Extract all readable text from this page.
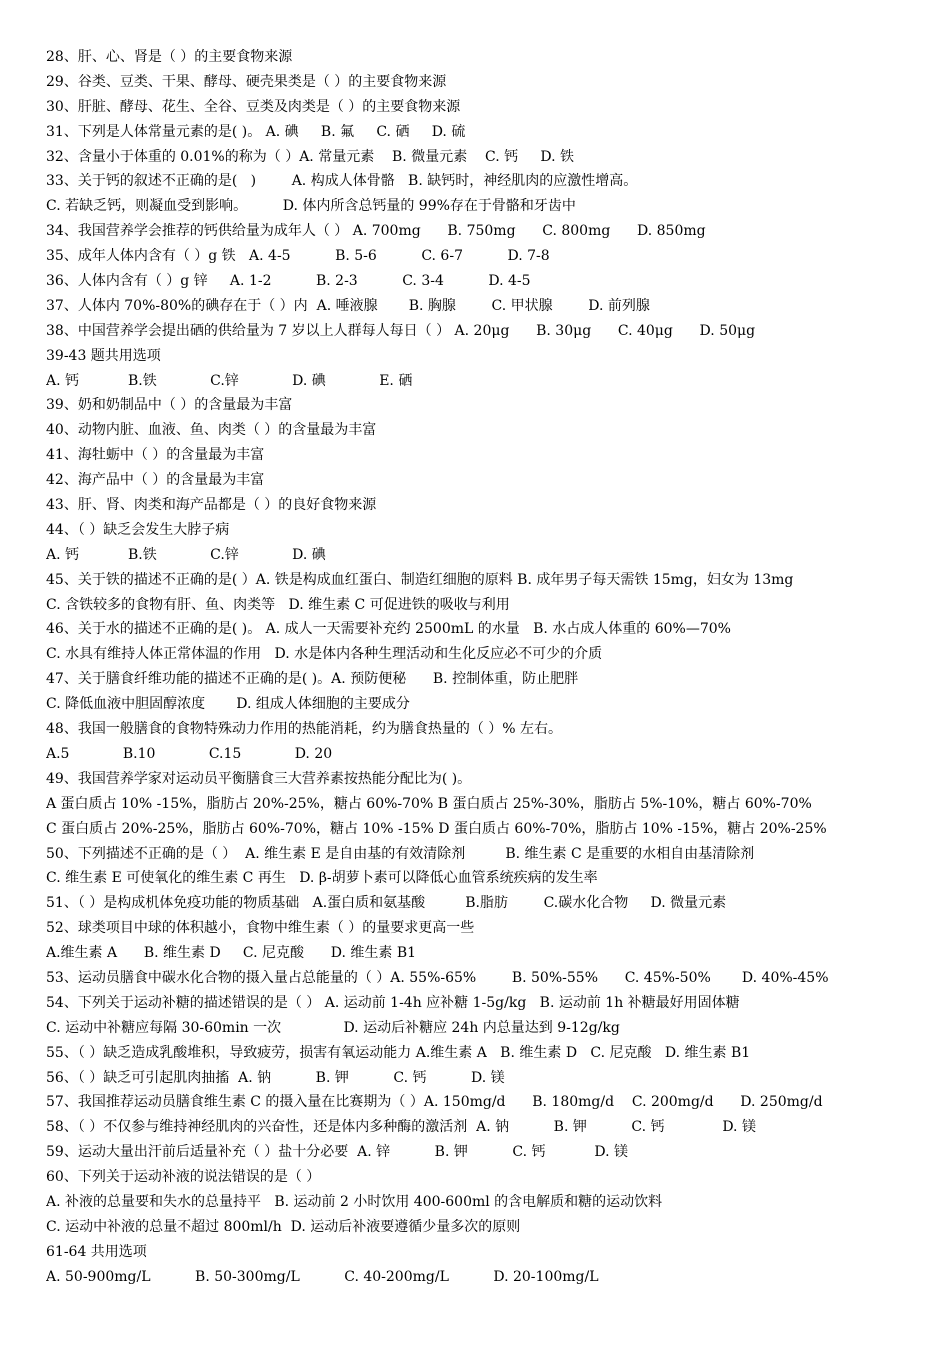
28、肝、心、肾是（ ）的主要食物来源
29、谷类、豆类、干果、酵母、硬壳果类是（ ）的主要食物来源
30、肝脏、酵母、花生、全谷、豆类及肉类是（ ）的主要食物来源
31、下列是人体常量元素的是( )。 A. 碘     B. 氟     C. 硒     D. 硫
32、含量小于体重的 0.01%的称为（ ）A. 常量元素    B. 微量元素    C. 钙     D. 铁
33、关于钙的叙述不正确的是(   )        A. 构成人体骨骼   B. 缺钙时，神经肌肉的应激性增高。
C. 若缺乏钙，则凝血受到影响。        D. 体内所含总钙量的 99%存在于骨骼和牙齿中
34、我国营养学会推荐的钙供给量为成年人（ ） A. 700mg      B. 750mg      C. 800mg      D. 850mg
35、成年人体内含有（ ）g 铁   A. 4-5          B. 5-6          C. 6-7          D. 7-8
36、人体内含有（ ）g 锌     A. 1-2          B. 2-3          C. 3-4          D. 4-5
37、人体内 70%-80%的碘存在于（ ）内  A. 唾液腺       B. 胸腺        C. 甲状腺        D. 前列腺
38、中国营养学会提出硒的供给量为 7 岁以上人群每人每日（ ） A. 20μg      B. 30μg      C. 40μg      D. 50μg
39-43 题共用选项
A. 钙           B.铁            C.锌            D. 碘            E. 硒
39、奶和奶制品中（ ）的含量最为丰富
40、动物内脏、血液、鱼、肉类（ ）的含量最为丰富
41、海牡蛎中（ ）的含量最为丰富
42、海产品中（ ）的含量最为丰富
43、肝、肾、肉类和海产品都是（ ）的良好食物来源
44、（ ）缺乏会发生大脖子病
A. 钙           B.铁            C.锌            D. 碘
45、关于铁的描述不正确的是( ）A. 铁是构成血红蛋白、制造红细胞的原料 B. 成年男子每天需铁 15mg，妇女为 13mg
C. 含铁较多的食物有肝、鱼、肉类等   D. 维生素 C 可促进铁的吸收与利用
46、关于水的描述不正确的是( )。 A. 成人一天需要补充约 2500mL 的水量   B. 水占成人体重的 60%—70%
C. 水具有维持人体正常体温的作用   D. 水是体内各种生理活动和生化反应必不可少的介质
47、关于膳食纤维功能的描述不正确的是( )。A. 预防便秘      B. 控制体重，防止肥胖
C. 降低血液中胆固醇浓度       D. 组成人体细胞的主要成分
48、我国一般膳食的食物特殊动力作用的热能消耗，约为膳食热量的（ ）% 左右。
A.5            B.10            C.15            D. 20
49、我国营养学家对运动员平衡膳食三大营养素按热能分配比为( )。
A 蛋白质占 10% -15%，脂肪占 20%-25%，糖占 60%-70% B 蛋白质占 25%-30%，脂肪占 5%-10%，糖占 60%-70%
C 蛋白质占 20%-25%，脂肪占 60%-70%，糖占 10% -15% D 蛋白质占 60%-70%，脂肪占 10% -15%，糖占 20%-25%
50、下列描述不正确的是（ ）  A. 维生素 E 是自由基的有效清除剂         B. 维生素 C 是重要的水相自由基清除剂
C. 维生素 E 可使氧化的维生素 C 再生   D. β-胡萝卜素可以降低心血管系统疾病的发生率
51、（ ）是构成机体免疫功能的物质基础   A.蛋白质和氨基酸         B.脂肪        C.碳水化合物     D. 微量元素
52、球类项目中球的体积越小，食物中维生素（ ）的量要求更高一些
A.维生素 A      B. 维生素 D     C. 尼克酸      D. 维生素 B1
53、运动员膳食中碳水化合物的摄入量占总能量的（ ）A. 55%-65%        B. 50%-55%      C. 45%-50%       D. 40%-45%
54、下列关于运动补糖的描述错误的是（ ） A. 运动前 1-4h 应补糖 1-5g/kg   B. 运动前 1h 补糖最好用固体糖
C. 运动中补糖应每隔 30-60min 一次              D. 运动后补糖应 24h 内总量达到 9-12g/kg
55、（ ）缺乏造成乳酸堆积，导致疲劳，损害有氧运动能力 A.维生素 A   B. 维生素 D   C. 尼克酸   D. 维生素 B1
56、（ ）缺乏可引起肌肉抽搐  A. 钠          B. 钾          C. 钙          D. 镁
57、我国推荐运动员膳食维生素 C 的摄入量在比赛期为（ ）A. 150mg/d      B. 180mg/d    C. 200mg/d      D. 250mg/d
58、（ ）不仅参与维持神经肌肉的兴奋性，还是体内多种酶的激活剂  A. 钠          B. 钾          C. 钙             D. 镁
59、运动大量出汗前后适量补充（ ）盐十分必要  A. 锌          B. 钾          C. 钙           D. 镁
60、下列关于运动补液的说法错误的是（ ）
A. 补液的总量要和失水的总量持平   B. 运动前 2 小时饮用 400-600ml 的含电解质和糖的运动饮料
C. 运动中补液的总量不超过 800ml/h  D. 运动后补液要遵循少量多次的原则
61-64 共用选项
A. 50-900mg/L          B. 50-300mg/L          C. 40-200mg/L          D. 20-100mg/L
